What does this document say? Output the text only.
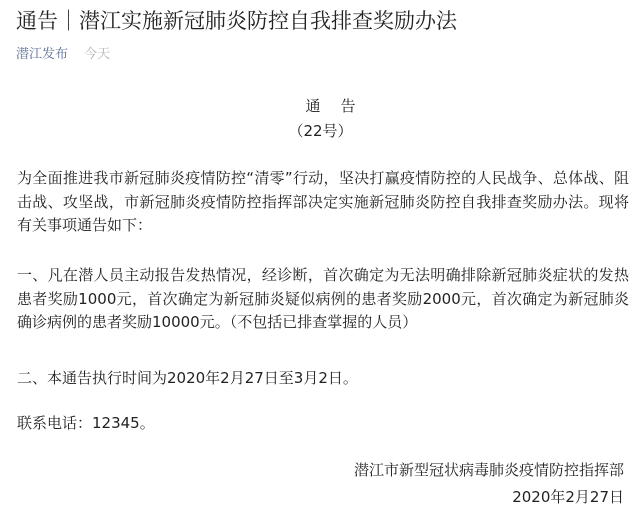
通告｜潜江实施新冠肺炎防控自我排查奖励办法
潜江发布 今天
通告
（22号）

为全面推进我市新冠肺炎疫情防控“清零”行动，坚决打赢疫情防控的人民战争、总体战、阻击战、攻坚战，市新冠肺炎疫情防控指挥部决定实施新冠肺炎防控自我排查奖励办法。现将有关事项通告如下：

一、凡在潜人员主动报告发热情况，经诊断，首次确定为无法明确排除新冠肺炎症状的发热患者奖励1000元，首次确定为新冠肺炎疑似病例的患者奖励2000元，首次确定为新冠肺炎确诊病例的患者奖励10000元。（不包括已排查掌握的人员）

二、本通告执行时间为2020年2月27日至3月2日。

联系电话：12345。

潜江市新型冠状病毒肺炎疫情防控指挥部
2020年2月27日
